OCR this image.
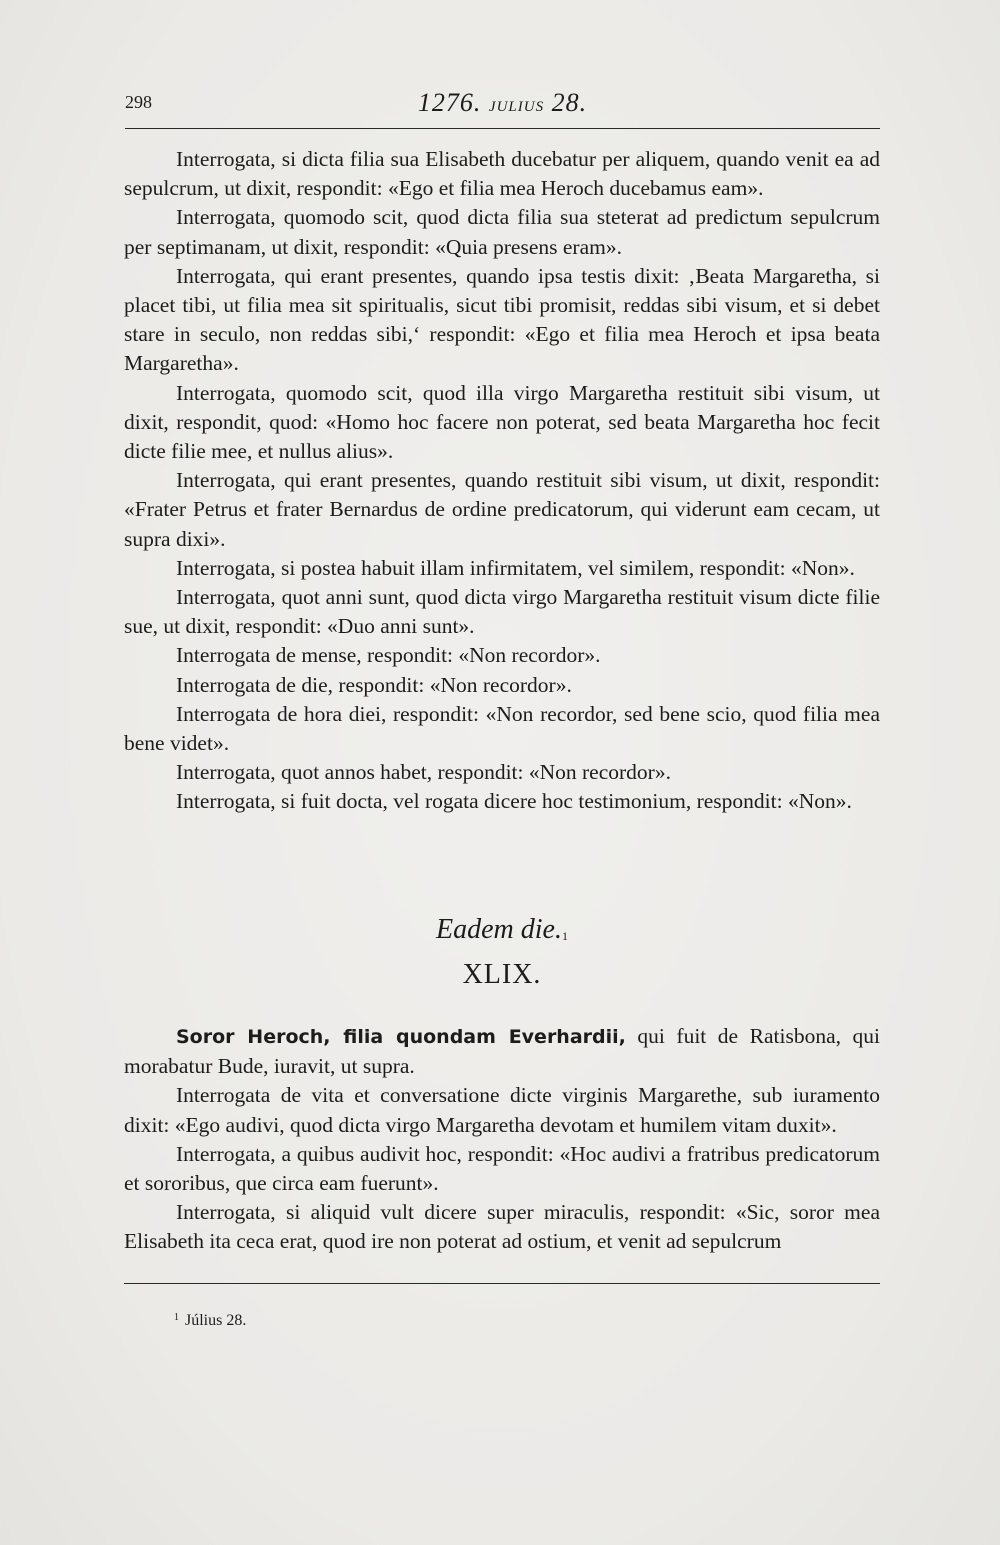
298	1276. JULIUS 28.

Interrogata, si dicta filia sua Elisabeth ducebatur per aliquem, quando venit ea ad sepulcrum, ut dixit, respondit: «Ego et filia mea Heroch ducebamus eam».

Interrogata, quomodo scit, quod dicta filia sua steterat ad predictum sepulcrum per septimanam, ut dixit, respondit: «Quia presens eram».

Interrogata, qui erant presentes, quando ipsa testis dixit: ‚Beata Margaretha, si placet tibi, ut filia mea sit spiritualis, sicut tibi promisit, reddas sibi visum, et si debet stare in seculo, non reddas sibi,‘ respondit: «Ego et filia mea Heroch et ipsa beata Margaretha».

Interrogata, quomodo scit, quod illa virgo Margaretha restituit sibi visum, ut dixit, respondit, quod: «Homo hoc facere non poterat, sed beata Margaretha hoc fecit dicte filie mee, et nullus alius».

Interrogata, qui erant presentes, quando restituit sibi visum, ut dixit, respondit: «Frater Petrus et frater Bernardus de ordine predicatorum, qui viderunt eam cecam, ut supra dixi».

Interrogata, si postea habuit illam infirmitatem, vel similem, respondit: «Non».

Interrogata, quot anni sunt, quod dicta virgo Margaretha restituit visum dicte filie sue, ut dixit, respondit: «Duo anni sunt».

Interrogata de mense, respondit: «Non recordor».

Interrogata de die, respondit: «Non recordor».

Interrogata de hora diei, respondit: «Non recordor, sed bene scio, quod filia mea bene videt».

Interrogata, quot annos habet, respondit: «Non recordor».

Interrogata, si fuit docta, vel rogata dicere hoc testimonium, respondit: «Non».

Eadem die.$^1$
XLIX.

Soror Heroch, filia quondam Everhardii, qui fuit de Ratisbona, qui morabatur Bude, iuravit, ut supra.

Interrogata de vita et conversatione dicte virginis Margarethe, sub iuramento dixit: «Ego audivi, quod dicta virgo Margaretha devotam et humilem vitam duxit».

Interrogata, a quibus audivit hoc, respondit: «Hoc audivi a fratribus predicatorum et sororibus, que circa eam fuerunt».

Interrogata, si aliquid vult dicere super miraculis, respondit: «Sic, soror mea Elisabeth ita ceca erat, quod ire non poterat ad ostium, et venit ad sepulcrum

$^1$ Július 28.
